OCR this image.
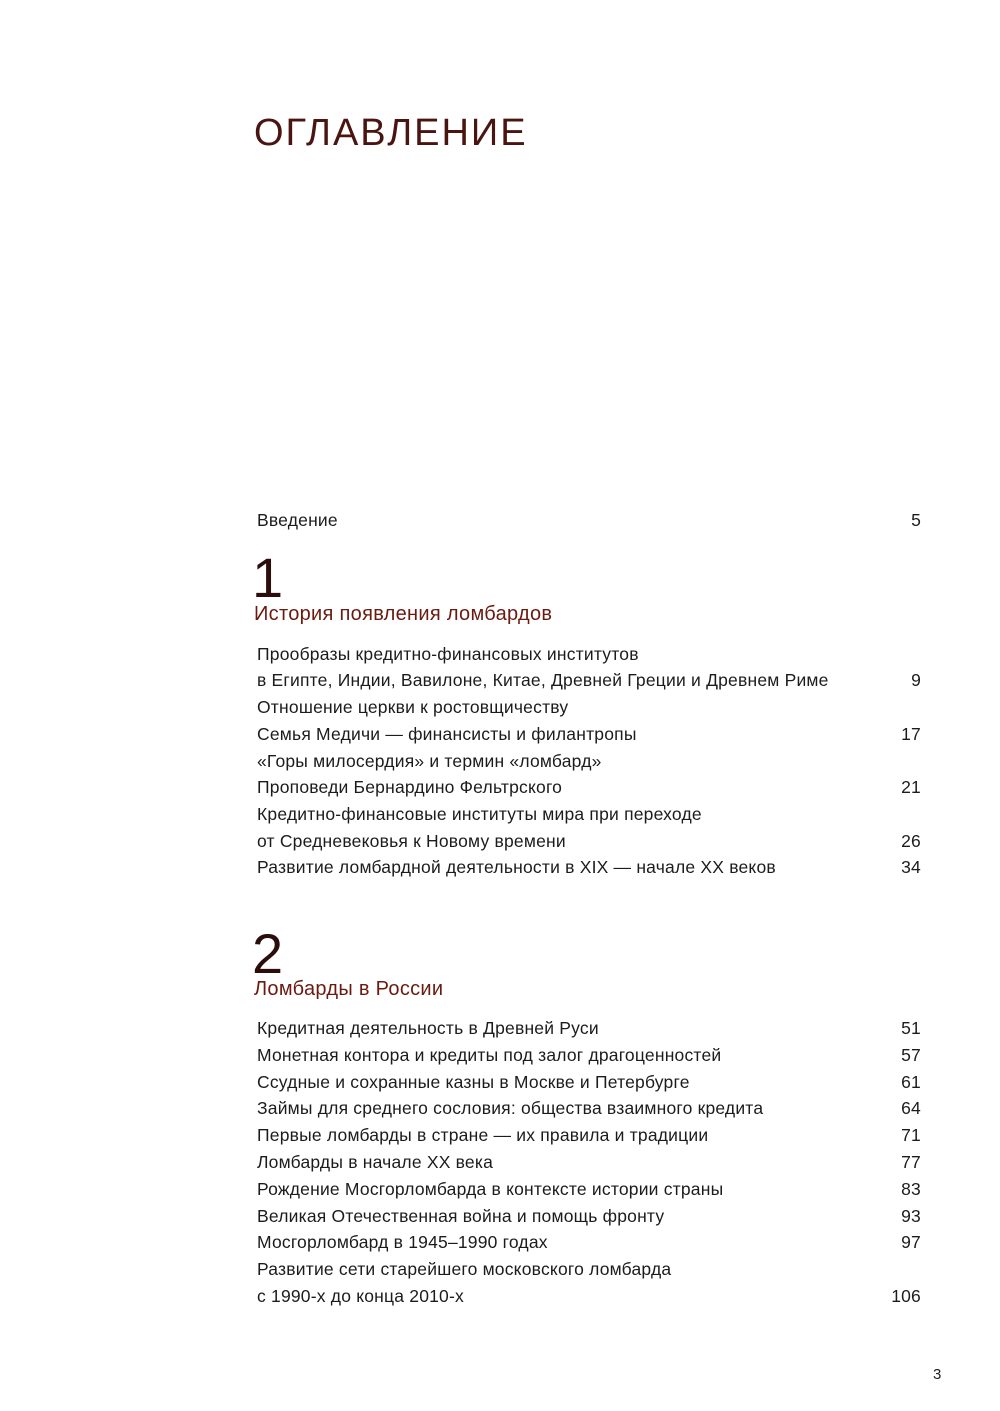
ОГЛАВЛЕНИЕ
Введение	5
1
История появления ломбардов
Прообразы кредитно-финансовых институтов
в Египте, Индии, Вавилоне, Китае, Древней Греции и Древнем Риме	9
Отношение церкви к ростовщичеству
Семья Медичи — финансисты и филантропы	17
«Горы милосердия» и термин «ломбард»
Проповеди Бернардино Фельтрского	21
Кредитно-финансовые институты мира при переходе
от Средневековья к Новому времени	26
Развитие ломбардной деятельности в XIX — начале XX веков	34
2
Ломбарды в России
Кредитная деятельность в Древней Руси	51
Монетная контора и кредиты под залог драгоценностей	57
Ссудные и сохранные казны в Москве и Петербурге	61
Займы для среднего сословия: общества взаимного кредита	64
Первые ломбарды в стране — их правила и традиции	71
Ломбарды в начале XX века	77
Рождение Мосгорломбарда в контексте истории страны	83
Великая Отечественная война и помощь фронту	93
Мосгорломбард в 1945–1990 годах	97
Развитие сети старейшего московского ломбарда
с 1990-х до конца 2010-х	106
3
